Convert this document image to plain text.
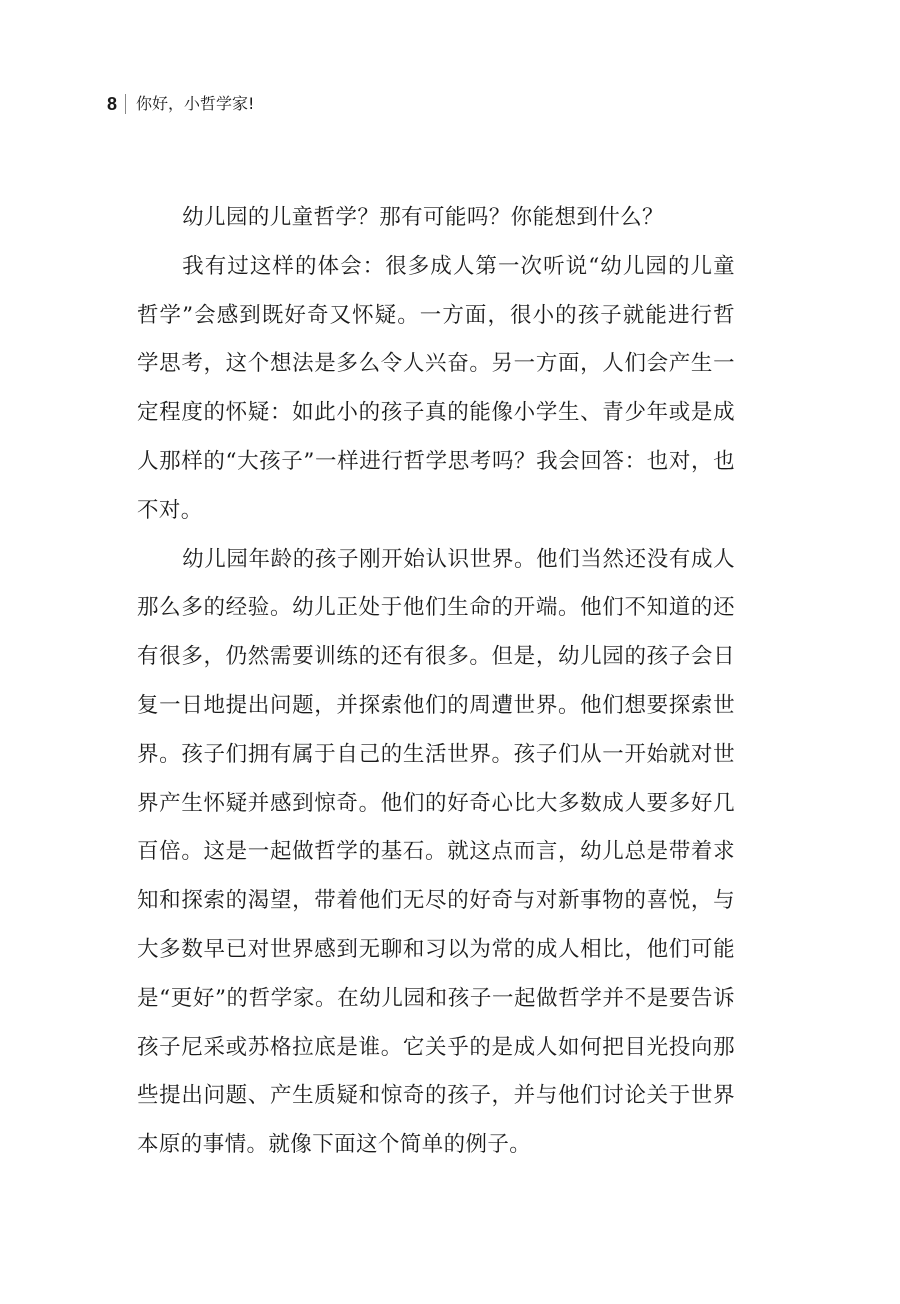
8 你好，小哲学家!

幼儿园的儿童哲学？那有可能吗？你能想到什么？

我有过这样的体会：很多成人第一次听说“幼儿园的儿童哲学”会感到既好奇又怀疑。一方面，很小的孩子就能进行哲学思考，这个想法是多么令人兴奋。另一方面，人们会产生一定程度的怀疑：如此小的孩子真的能像小学生、青少年或是成人那样的“大孩子”一样进行哲学思考吗？我会回答：也对，也不对。

幼儿园年龄的孩子刚开始认识世界。他们当然还没有成人那么多的经验。幼儿正处于他们生命的开端。他们不知道的还有很多，仍然需要训练的还有很多。但是，幼儿园的孩子会日复一日地提出问题，并探索他们的周遭世界。他们想要探索世界。孩子们拥有属于自己的生活世界。孩子们从一开始就对世界产生怀疑并感到惊奇。他们的好奇心比大多数成人要多好几百倍。这是一起做哲学的基石。就这点而言，幼儿总是带着求知和探索的渴望，带着他们无尽的好奇与对新事物的喜悦，与大多数早已对世界感到无聊和习以为常的成人相比，他们可能是“更好”的哲学家。在幼儿园和孩子一起做哲学并不是要告诉孩子尼采或苏格拉底是谁。它关乎的是成人如何把目光投向那些提出问题、产生质疑和惊奇的孩子，并与他们讨论关于世界本原的事情。就像下面这个简单的例子。
